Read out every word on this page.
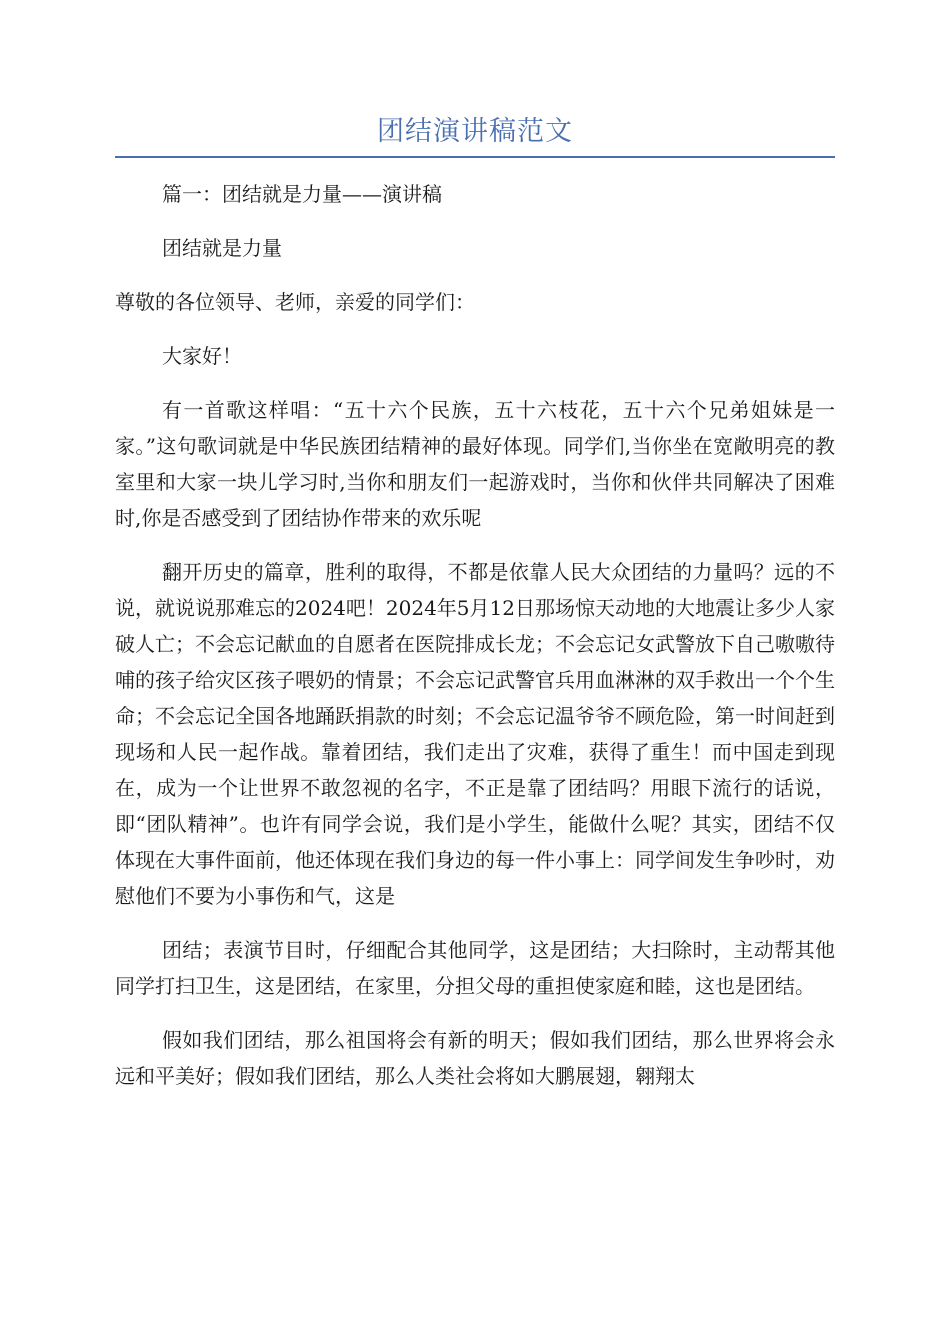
团结演讲稿范文

篇一：团结就是力量——演讲稿

团结就是力量

尊敬的各位领导、老师，亲爱的同学们：

大家好！

有一首歌这样唱：“五十六个民族，五十六枝花，五十六个兄弟姐妹是一家。”这句歌词就是中华民族团结精神的最好体现。同学们,当你坐在宽敞明亮的教室里和大家一块儿学习时,当你和朋友们一起游戏时，当你和伙伴共同解决了困难时,你是否感受到了团结协作带来的欢乐呢

翻开历史的篇章，胜利的取得，不都是依靠人民大众团结的力量吗？远的不说，就说说那难忘的2024吧！2024年5月12日那场惊天动地的大地震让多少人家破人亡；不会忘记献血的自愿者在医院排成长龙；不会忘记女武警放下自己嗷嗷待哺的孩子给灾区孩子喂奶的情景；不会忘记武警官兵用血淋淋的双手救出一个个生命；不会忘记全国各地踊跃捐款的时刻；不会忘记温爷爷不顾危险，第一时间赶到现场和人民一起作战。靠着团结，我们走出了灾难，获得了重生！而中国走到现在，成为一个让世界不敢忽视的名字，不正是靠了团结吗？用眼下流行的话说，即“团队精神”。也许有同学会说，我们是小学生，能做什么呢？其实，团结不仅体现在大事件面前，他还体现在我们身边的每一件小事上：同学间发生争吵时，劝慰他们不要为小事伤和气，这是

团结；表演节目时，仔细配合其他同学，这是团结；大扫除时，主动帮其他同学打扫卫生，这是团结，在家里，分担父母的重担使家庭和睦，这也是团结。

假如我们团结，那么祖国将会有新的明天；假如我们团结，那么世界将会永远和平美好；假如我们团结，那么人类社会将如大鹏展翅，翱翔太
